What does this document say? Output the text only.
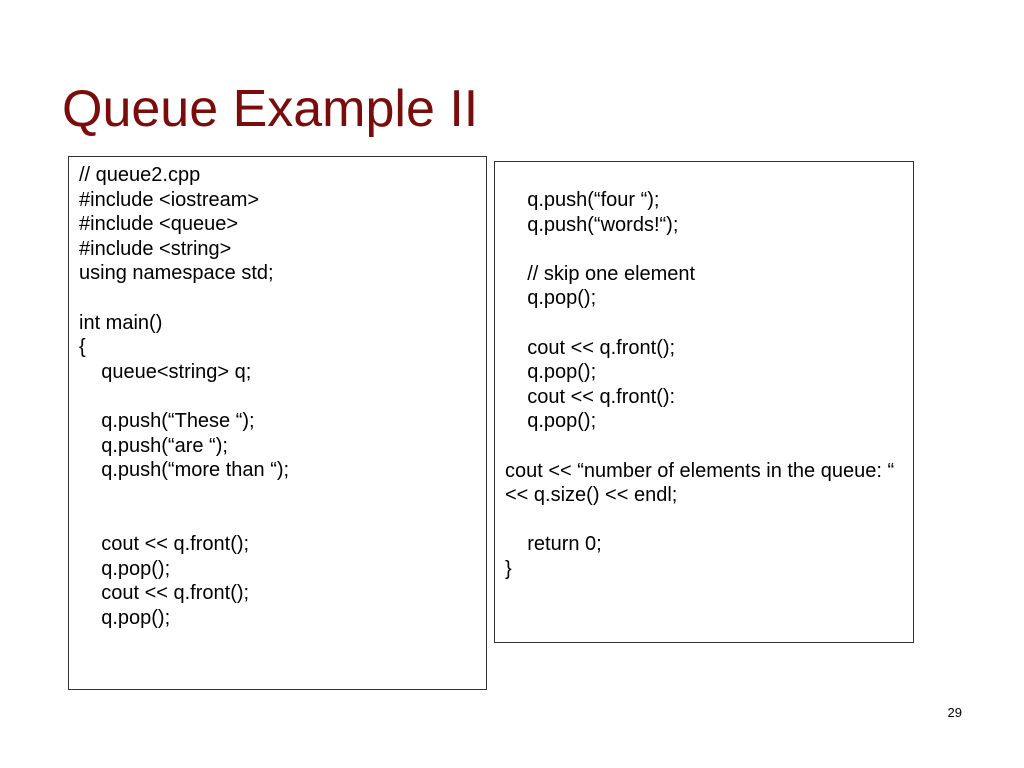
Queue Example II
// queue2.cpp
#include <iostream>
#include <queue>
#include <string>
using namespace std;
int main()
{
queue<string> q;
q.push(“These “);
q.push(“are “);
q.push(“more than “);
cout << q.front();
q.pop();
cout << q.front();
q.pop();
q.push(“four “);
q.push(“words!“);
// skip one element
q.pop();
cout << q.front();
q.pop();
cout << q.front():
q.pop();
cout << “number of elements in the queue: “ << q.size() << endl;
return 0;
}
29
